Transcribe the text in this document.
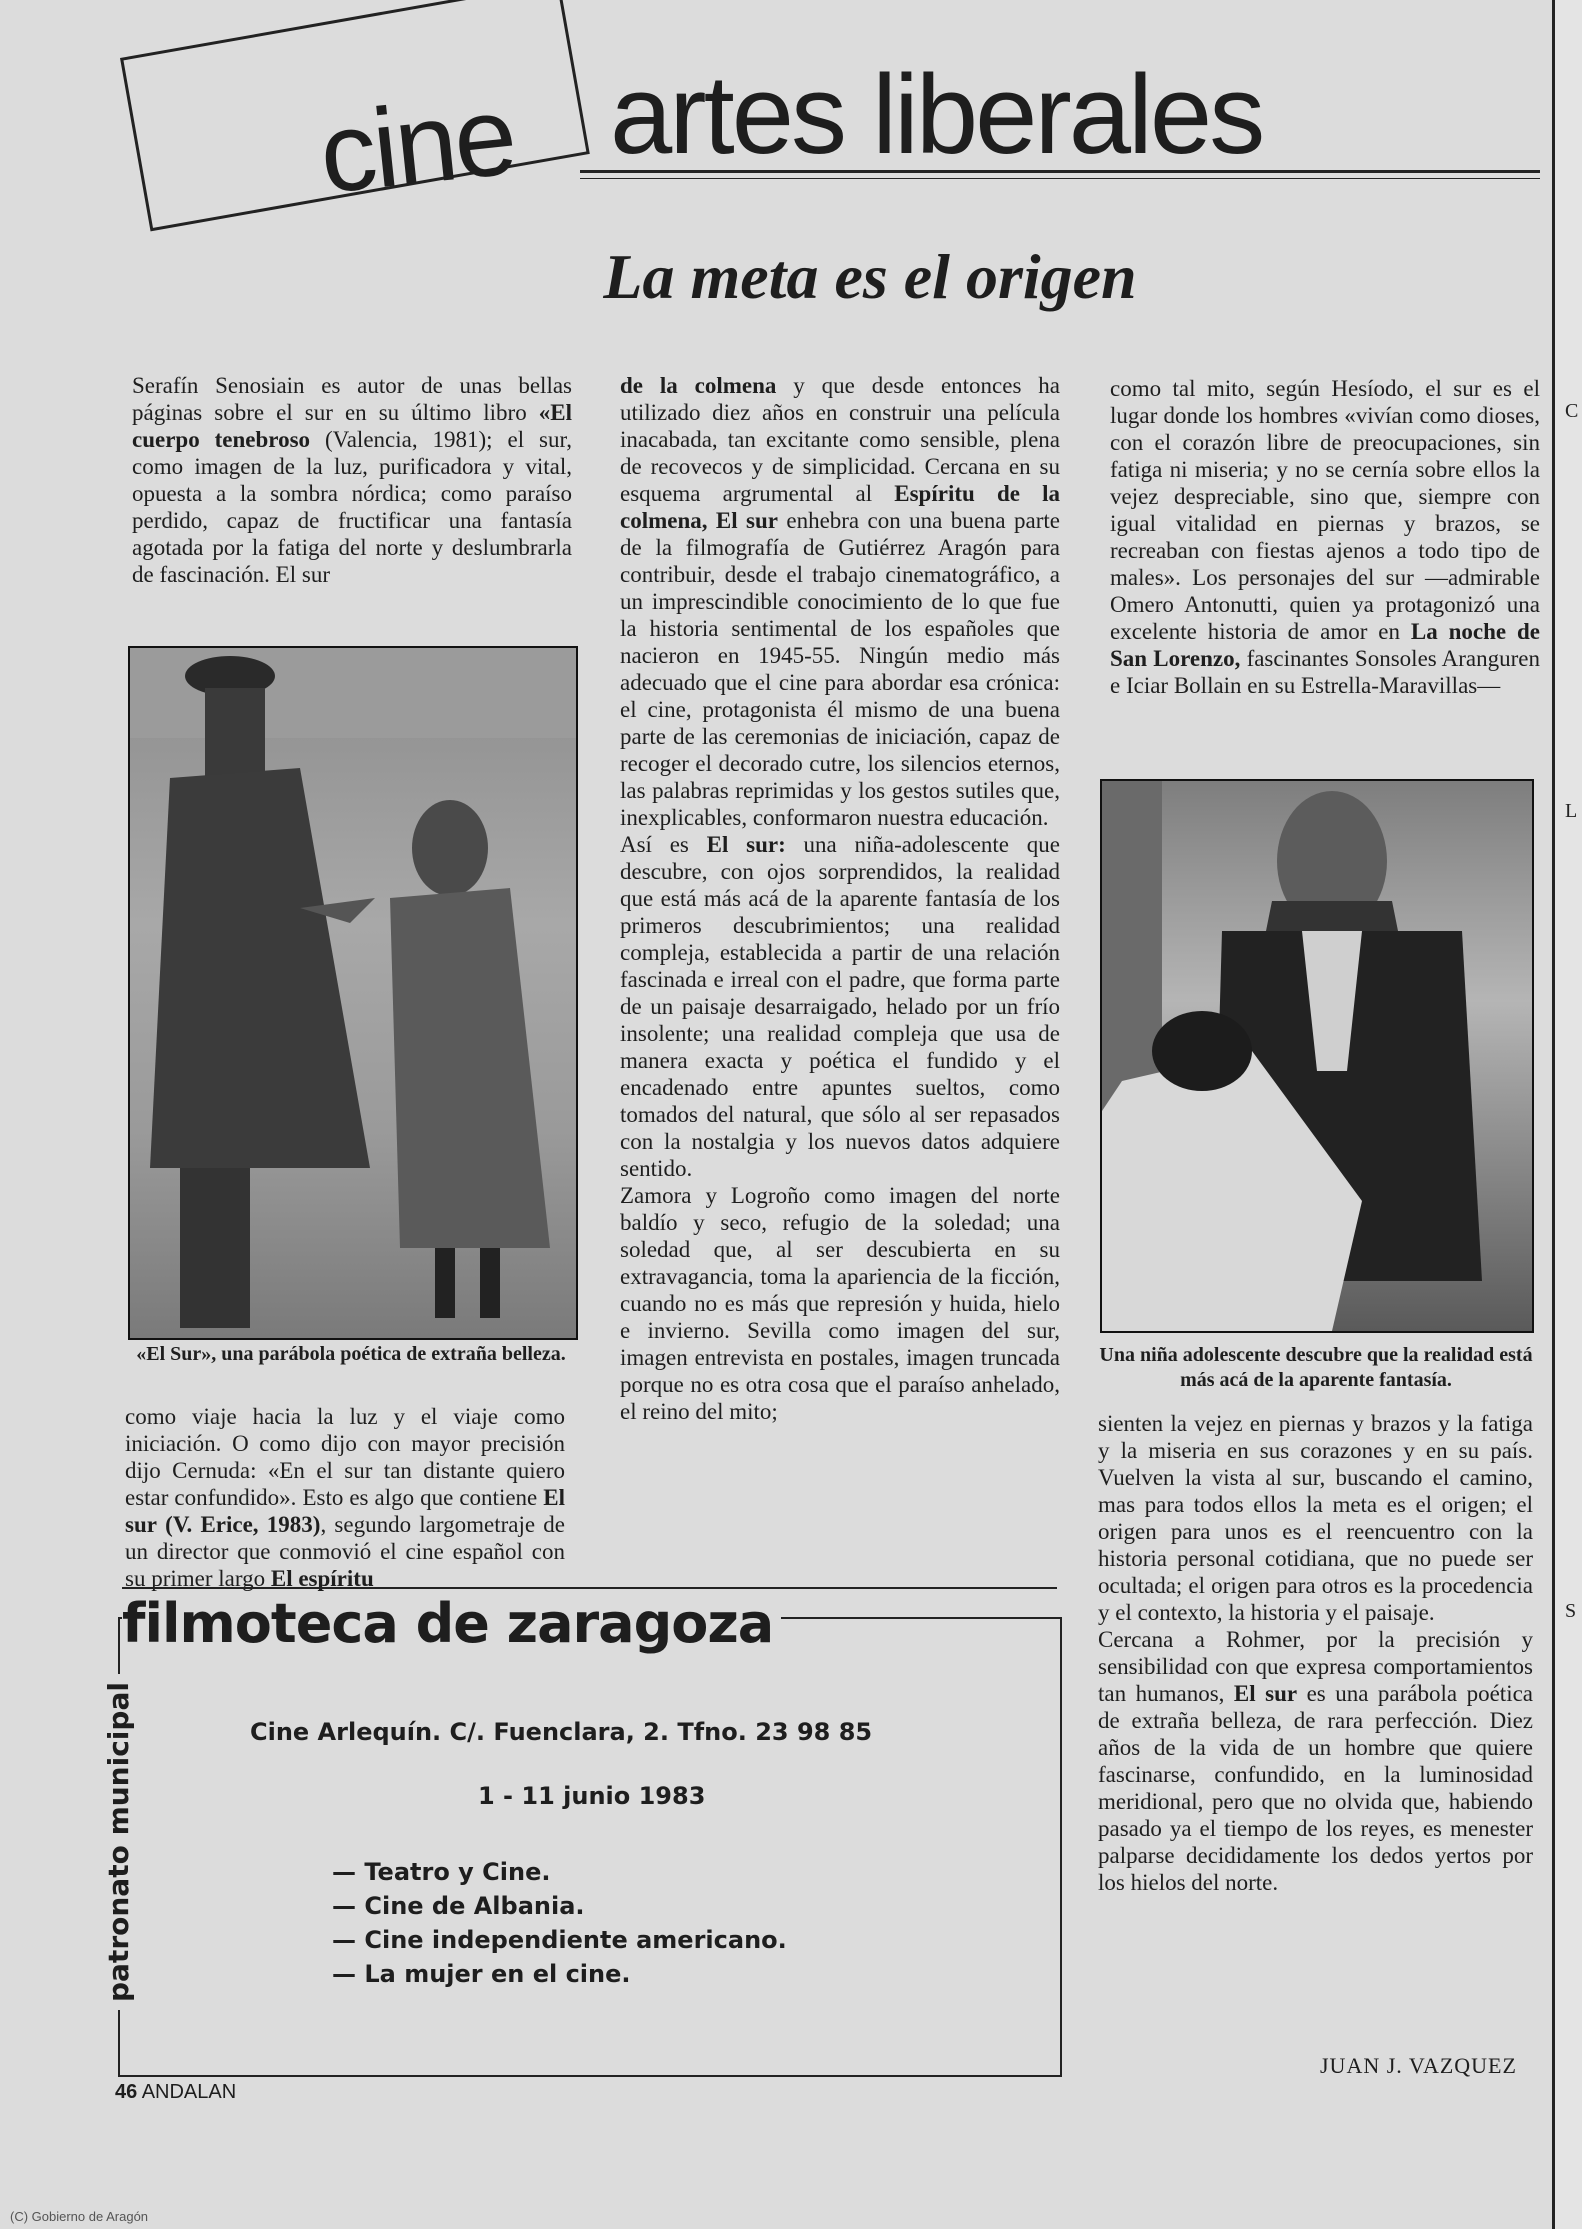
cine artes liberales
La meta es el origen
Serafín Senosiain es autor de unas bellas páginas sobre el sur en su último libro «El cuerpo tenebroso (Valencia, 1981); el sur, como imagen de la luz, purificadora y vital, opuesta a la sombra nórdica; como paraíso perdido, capaz de fructificar una fantasía agotada por la fatiga del norte y deslumbrarla de fascinación. El sur
«El Sur», una parábola poética de extraña belleza.
como viaje hacia la luz y el viaje como iniciación. O como dijo con mayor precisión dijo Cernuda: «En el sur tan distante quiero estar confundido». Esto es algo que contiene El sur (V. Erice, 1983), segundo largometraje de un director que conmovió el cine español con su primer largo El espíritu
de la colmena y que desde entonces ha utilizado diez años en construir una película inacabada, tan excitante como sensible, plena de recovecos y de simplicidad. Cercana en su esquema argrumental al Espíritu de la colmena, El sur enhebra con una buena parte de la filmografía de Gutiérrez Aragón para contribuir, desde el trabajo cinematográfico, a un imprescindible conocimiento de lo que fue la historia sentimental de los españoles que nacieron en 1945-55. Ningún medio más adecuado que el cine para abordar esa crónica: el cine, protagonista él mismo de una buena parte de las ceremonias de iniciación, capaz de recoger el decorado cutre, los silencios eternos, las palabras reprimidas y los gestos sutiles que, inexplicables, conformaron nuestra educación.
Así es El sur: una niña-adolescente que descubre, con ojos sorprendidos, la realidad que está más acá de la aparente fantasía de los primeros descubrimientos; una realidad compleja, establecida a partir de una relación fascinada e irreal con el padre, que forma parte de un paisaje desarraigado, helado por un frío insolente; una realidad compleja que usa de manera exacta y poética el fundido y el encadenado entre apuntes sueltos, como tomados del natural, que sólo al ser repasados con la nostalgia y los nuevos datos adquiere sentido.
Zamora y Logroño como imagen del norte baldío y seco, refugio de la soledad; una soledad que, al ser descubierta en su extravagancia, toma la apariencia de la ficción, cuando no es más que represión y huida, hielo e invierno. Sevilla como imagen del sur, imagen entrevista en postales, imagen truncada porque no es otra cosa que el paraíso anhelado, el reino del mito;
como tal mito, según Hesíodo, el sur es el lugar donde los hombres «vivían como dioses, con el corazón libre de preocupaciones, sin fatiga ni miseria; y no se cernía sobre ellos la vejez despreciable, sino que, siempre con igual vitalidad en piernas y brazos, se recreaban con fiestas ajenos a todo tipo de males». Los personajes del sur —admirable Omero Antonutti, quien ya protagonizó una excelente historia de amor en La noche de San Lorenzo, fascinantes Sonsoles Aranguren e Iciar Bollain en su Estrella-Maravillas—
Una niña adolescente descubre que la realidad está más acá de la aparente fantasía.
sienten la vejez en piernas y brazos y la fatiga y la miseria en sus corazones y en su país. Vuelven la vista al sur, buscando el camino, mas para todos ellos la meta es el origen; el origen para unos es el reencuentro con la historia personal cotidiana, que no puede ser ocultada; el origen para otros es la procedencia y el contexto, la historia y el paisaje.
Cercana a Rohmer, por la precisión y sensibilidad con que expresa comportamientos tan humanos, El sur es una parábola poética de extraña belleza, de rara perfección. Diez años de la vida de un hombre que quiere fascinarse, confundido, en la luminosidad meridional, pero que no olvida que, habiendo pasado ya el tiempo de los reyes, es menester palparse decididamente los dedos yertos por los hielos del norte.
JUAN J. VAZQUEZ
filmoteca de zaragoza
patronato municipal	Cine Arlequín. C/. Fuenclara, 2. Tfno. 23 98 85
1 - 11 junio 1983
— Teatro y Cine.
— Cine de Albania.
— Cine independiente americano.
— La mujer en el cine.
46 ANDALAN
C
L
S
(C) Gobierno de Aragón
